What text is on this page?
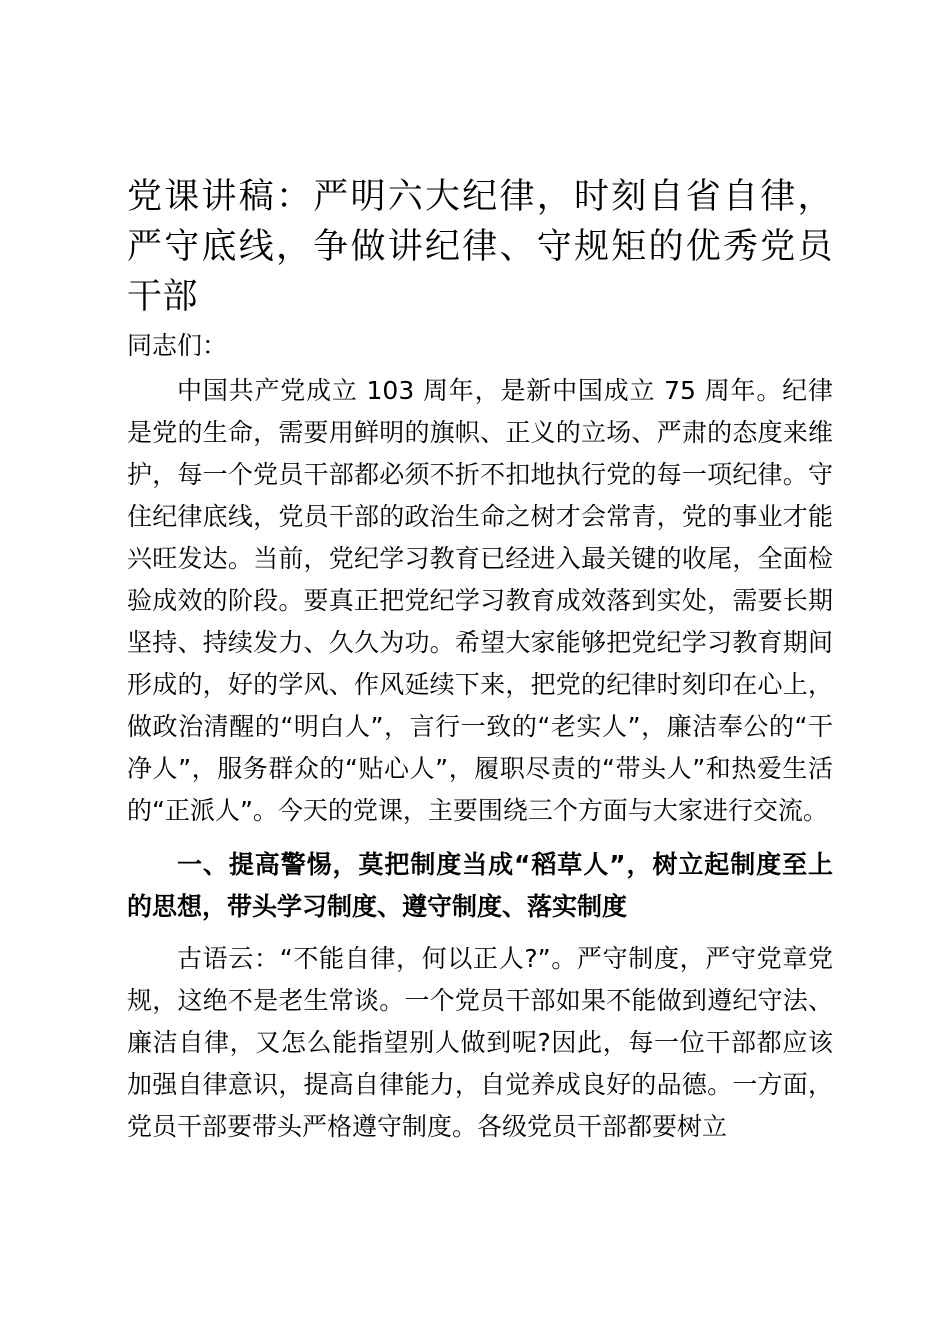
党课讲稿：严明六大纪律，时刻自省自律，严守底线，争做讲纪律、守规矩的优秀党员干部
同志们：

中国共产党成立 103 周年，是新中国成立 75 周年。纪律是党的生命，需要用鲜明的旗帜、正义的立场、严肃的态度来维护，每一个党员干部都必须不折不扣地执行党的每一项纪律。守住纪律底线，党员干部的政治生命之树才会常青，党的事业才能兴旺发达。当前，党纪学习教育已经进入最关键的收尾，全面检验成效的阶段。要真正把党纪学习教育成效落到实处，需要长期坚持、持续发力、久久为功。希望大家能够把党纪学习教育期间形成的，好的学风、作风延续下来，把党的纪律时刻印在心上，做政治清醒的“明白人”，言行一致的“老实人”，廉洁奉公的“干净人”，服务群众的“贴心人”，履职尽责的“带头人”和热爱生活的“正派人”。今天的党课，主要围绕三个方面与大家进行交流。

一、提高警惕，莫把制度当成“稻草人”，树立起制度至上的思想，带头学习制度、遵守制度、落实制度

古语云：“不能自律，何以正人?”。严守制度，严守党章党规，这绝不是老生常谈。一个党员干部如果不能做到遵纪守法、廉洁自律，又怎么能指望别人做到呢?因此，每一位干部都应该加强自律意识，提高自律能力，自觉养成良好的品德。一方面，党员干部要带头严格遵守制度。各级党员干部都要树立
